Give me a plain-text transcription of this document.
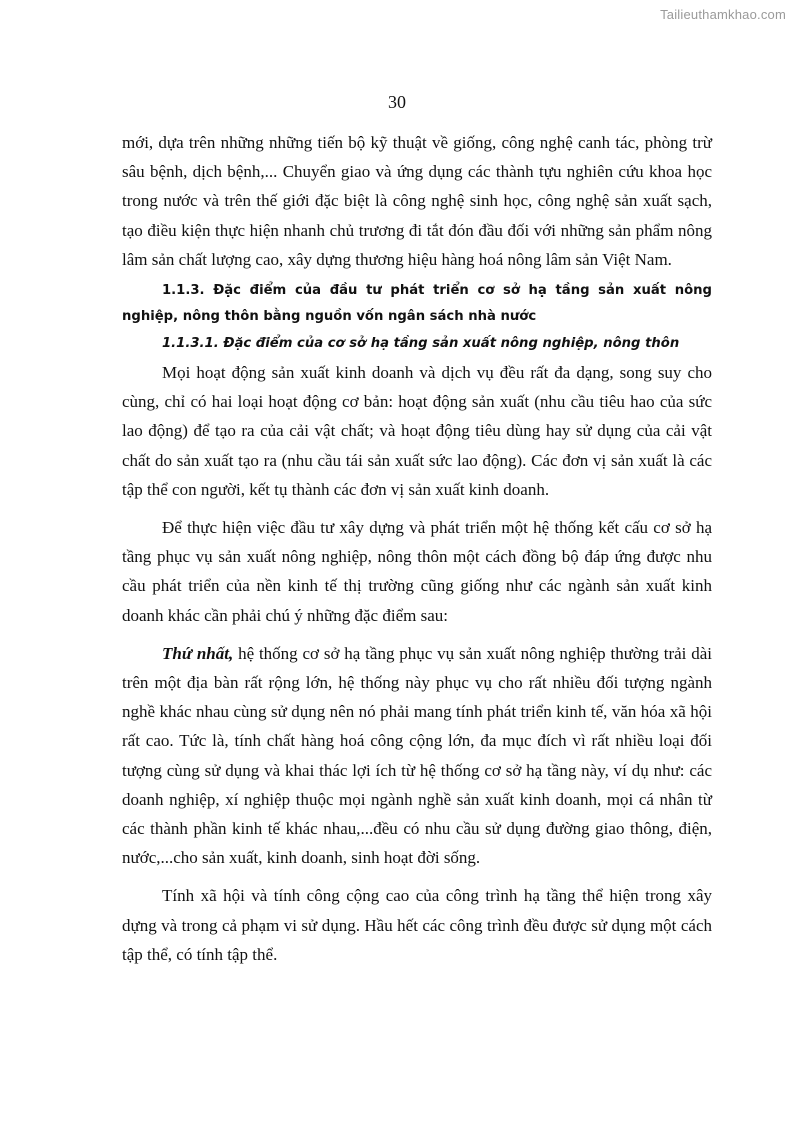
Tailieuthamkhao.com
30

mới, dựa trên những những tiến bộ kỹ thuật về giống, công nghệ canh tác, phòng trừ sâu bệnh, dịch bệnh,... Chuyển giao và ứng dụng các thành tựu nghiên cứu khoa học trong nước và trên thế giới đặc biệt là công nghệ sinh học, công nghệ sản xuất sạch, tạo điều kiện thực hiện nhanh chủ trương đi tắt đón đầu đối với những sản phẩm nông lâm sản chất lượng cao, xây dựng thương hiệu hàng hoá nông lâm sản Việt Nam.

1.1.3. Đặc điểm của đầu tư phát triển cơ sở hạ tầng sản xuất nông nghiệp, nông thôn bằng nguồn vốn ngân sách nhà nước
1.1.3.1. Đặc điểm của cơ sở hạ tầng sản xuất nông nghiệp, nông thôn

Mọi hoạt động sản xuất kinh doanh và dịch vụ đều rất đa dạng, song suy cho cùng, chỉ có hai loại hoạt động cơ bản: hoạt động sản xuất (nhu cầu tiêu hao của sức lao động) để tạo ra của cải vật chất; và hoạt động tiêu dùng hay sử dụng của cải vật chất do sản xuất tạo ra (nhu cầu tái sản xuất sức lao động). Các đơn vị sản xuất là các tập thể con người, kết tụ thành các đơn vị sản xuất kinh doanh.

Để thực hiện việc đầu tư xây dựng và phát triển một hệ thống kết cấu cơ sở hạ tầng phục vụ sản xuất nông nghiệp, nông thôn một cách đồng bộ đáp ứng được nhu cầu phát triển của nền kinh tế thị trường cũng giống như các ngành sản xuất kinh doanh khác cần phải chú ý những đặc điểm sau:

Thứ nhất, hệ thống cơ sở hạ tầng phục vụ sản xuất nông nghiệp thường trải dài trên một địa bàn rất rộng lớn, hệ thống này phục vụ cho rất nhiều đối tượng ngành nghề khác nhau cùng sử dụng nên nó phải mang tính phát triển kinh tế, văn hóa xã hội rất cao. Tức là, tính chất hàng hoá công cộng lớn, đa mục đích vì rất nhiều loại đối tượng cùng sử dụng và khai thác lợi ích từ hệ thống cơ sở hạ tầng này, ví dụ như: các doanh nghiệp, xí nghiệp thuộc mọi ngành nghề sản xuất kinh doanh, mọi cá nhân từ các thành phần kinh tế khác nhau,...đều có nhu cầu sử dụng đường giao thông, điện, nước,...cho sản xuất, kinh doanh, sinh hoạt đời sống.

Tính xã hội và tính công cộng cao của công trình hạ tầng thể hiện trong xây dựng và trong cả phạm vi sử dụng. Hầu hết các công trình đều được sử dụng một cách tập thể, có tính tập thể.
